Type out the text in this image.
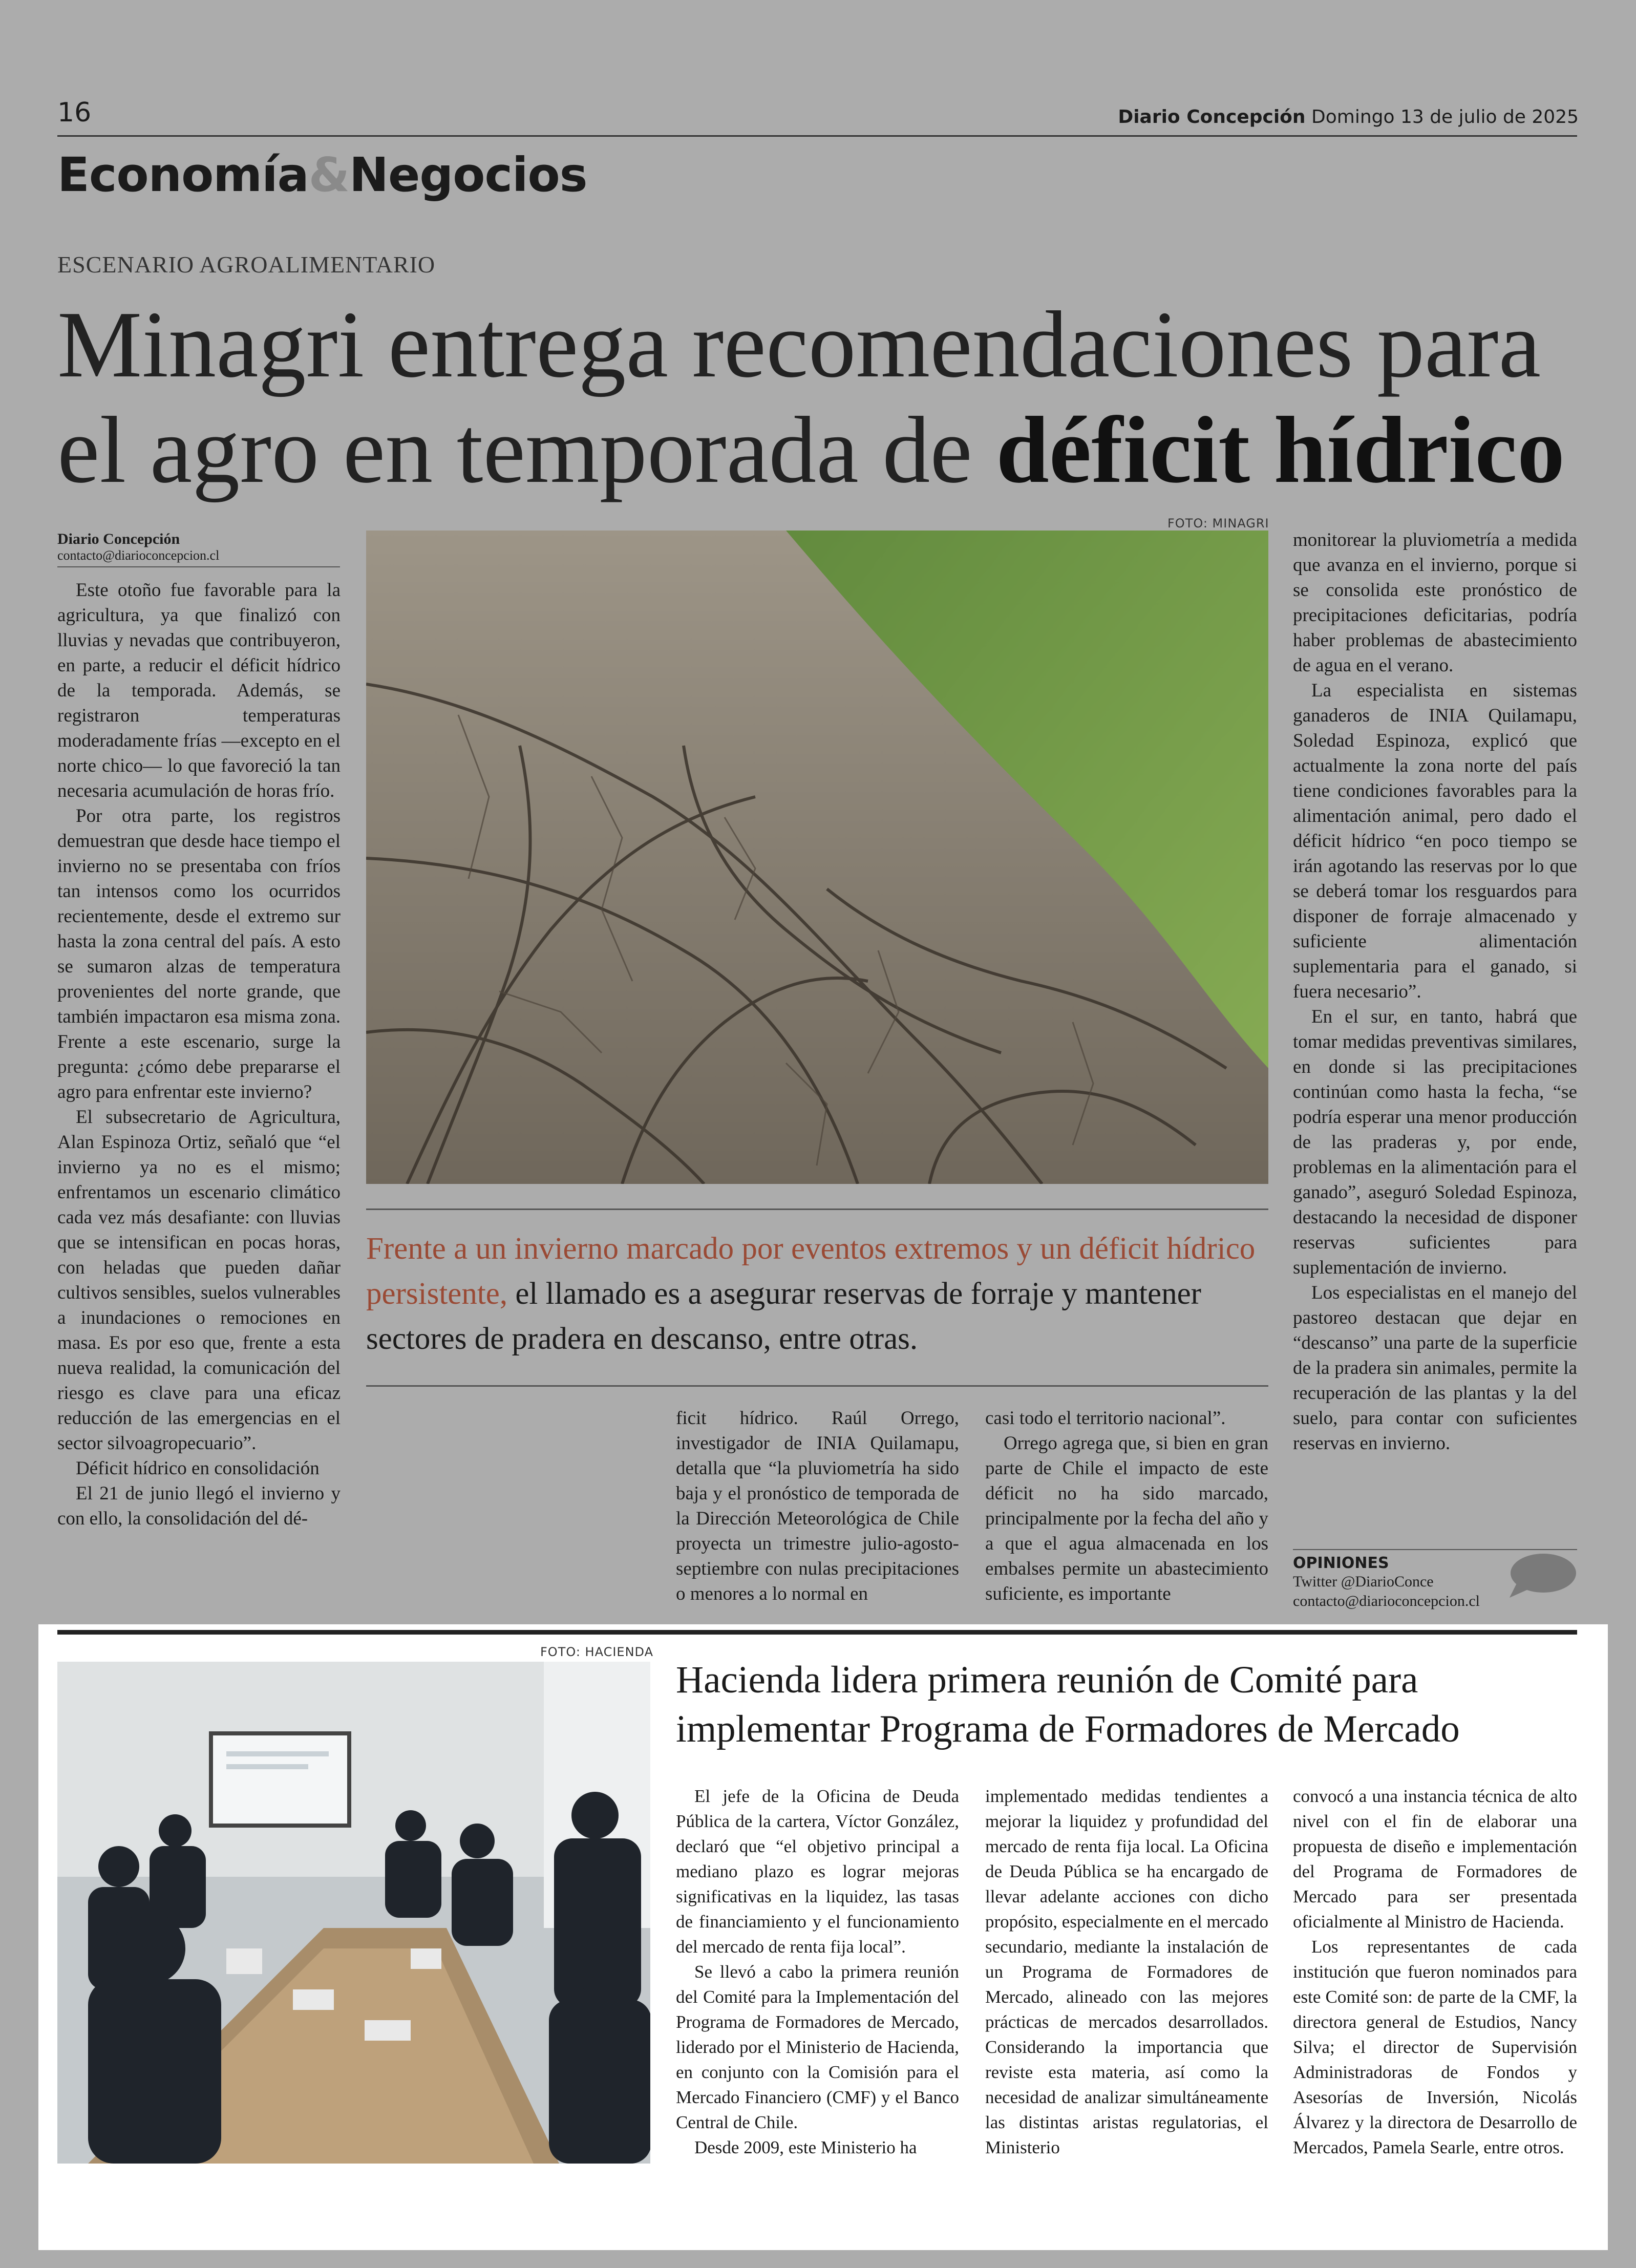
16	Diario Concepción Domingo 13 de julio de 2025
Economía&Negocios
ESCENARIO AGROALIMENTARIO
Minagri entrega recomendaciones para
el agro en temporada de déficit hídrico
Diario Concepción
contacto@diarioconcepcion.cl

Este otoño fue favorable para la agricultura, ya que finalizó con lluvias y nevadas que contribuyeron, en parte, a reducir el déficit hídrico de la temporada. Además, se registraron temperaturas moderadamente frías —excepto en el norte chico— lo que favoreció la tan necesaria acumulación de horas frío.

Por otra parte, los registros demuestran que desde hace tiempo el invierno no se presentaba con fríos tan intensos como los ocurridos recientemente, desde el extremo sur hasta la zona central del país. A esto se sumaron alzas de temperatura provenientes del norte grande, que también impactaron esa misma zona. Frente a este escenario, surge la pregunta: ¿cómo debe prepararse el agro para enfrentar este invierno?

El subsecretario de Agricultura, Alan Espinoza Ortiz, señaló que “el invierno ya no es el mismo; enfrentamos un escenario climático cada vez más desafiante: con lluvias que se intensifican en pocas horas, con heladas que pueden dañar cultivos sensibles, suelos vulnerables a inundaciones o remociones en masa. Es por eso que, frente a esta nueva realidad, la comunicación del riesgo es clave para una eficaz reducción de las emergencias en el sector silvoagropecuario”.

Déficit hídrico en consolidación

El 21 de junio llegó el invierno y con ello, la consolidación del dé-

FOTO: MINAGRI
Frente a un invierno marcado por eventos extremos y un déficit hídrico persistente, el llamado es a asegurar reservas de forraje y mantener sectores de pradera en descanso, entre otras.

ficit hídrico. Raúl Orrego, investigador de INIA Quilamapu, detalla que “la pluviometría ha sido baja y el pronóstico de temporada de la Dirección Meteorológica de Chile proyecta un trimestre julio-agosto-septiembre con nulas precipitaciones o menores a lo normal en

casi todo el territorio nacional”.

Orrego agrega que, si bien en gran parte de Chile el impacto de este déficit no ha sido marcado, principalmente por la fecha del año y a que el agua almacenada en los embalses permite un abastecimiento suficiente, es importante

monitorear la pluviometría a medida que avanza en el invierno, porque si se consolida este pronóstico de precipitaciones deficitarias, podría haber problemas de abastecimiento de agua en el verano.

La especialista en sistemas ganaderos de INIA Quilamapu, Soledad Espinoza, explicó que actualmente la zona norte del país tiene condiciones favorables para la alimentación animal, pero dado el déficit hídrico “en poco tiempo se irán agotando las reservas por lo que se deberá tomar los resguardos para disponer de forraje almacenado y suficiente alimentación suplementaria para el ganado, si fuera necesario”.

En el sur, en tanto, habrá que tomar medidas preventivas similares, en donde si las precipitaciones continúan como hasta la fecha, “se podría esperar una menor producción de las praderas y, por ende, problemas en la alimentación para el ganado”, aseguró Soledad Espinoza, destacando la necesidad de disponer reservas suficientes para suplementación de invierno.

Los especialistas en el manejo del pastoreo destacan que dejar en “descanso” una parte de la superficie de la pradera sin animales, permite la recuperación de las plantas y la del suelo, para contar con suficientes reservas en invierno.

OPINIONES
Twitter @DiarioConce
contacto@diarioconcepcion.cl
FOTO: HACIENDA
Hacienda lidera primera reunión de Comité para
implementar Programa de Formadores de Mercado

El jefe de la Oficina de Deuda Pública de la cartera, Víctor González, declaró que “el objetivo principal a mediano plazo es lograr mejoras significativas en la liquidez, las tasas de financiamiento y el funcionamiento del mercado de renta fija local”.

Se llevó a cabo la primera reunión del Comité para la Implementación del Programa de Formadores de Mercado, liderado por el Ministerio de Hacienda, en conjunto con la Comisión para el Mercado Financiero (CMF) y el Banco Central de Chile.

Desde 2009, este Ministerio ha

implementado medidas tendientes a mejorar la liquidez y profundidad del mercado de renta fija local. La Oficina de Deuda Pública se ha encargado de llevar adelante acciones con dicho propósito, especialmente en el mercado secundario, mediante la instalación de un Programa de Formadores de Mercado, alineado con las mejores prácticas de mercados desarrollados. Considerando la importancia que reviste esta materia, así como la necesidad de analizar simultáneamente las distintas aristas regulatorias, el Ministerio

convocó a una instancia técnica de alto nivel con el fin de elaborar una propuesta de diseño e implementación del Programa de Formadores de Mercado para ser presentada oficialmente al Ministro de Hacienda.

Los representantes de cada institución que fueron nominados para este Comité son: de parte de la CMF, la directora general de Estudios, Nancy Silva; el director de Supervisión Administradoras de Fondos y Asesorías de Inversión, Nicolás Álvarez y la directora de Desarrollo de Mercados, Pamela Searle, entre otros.
